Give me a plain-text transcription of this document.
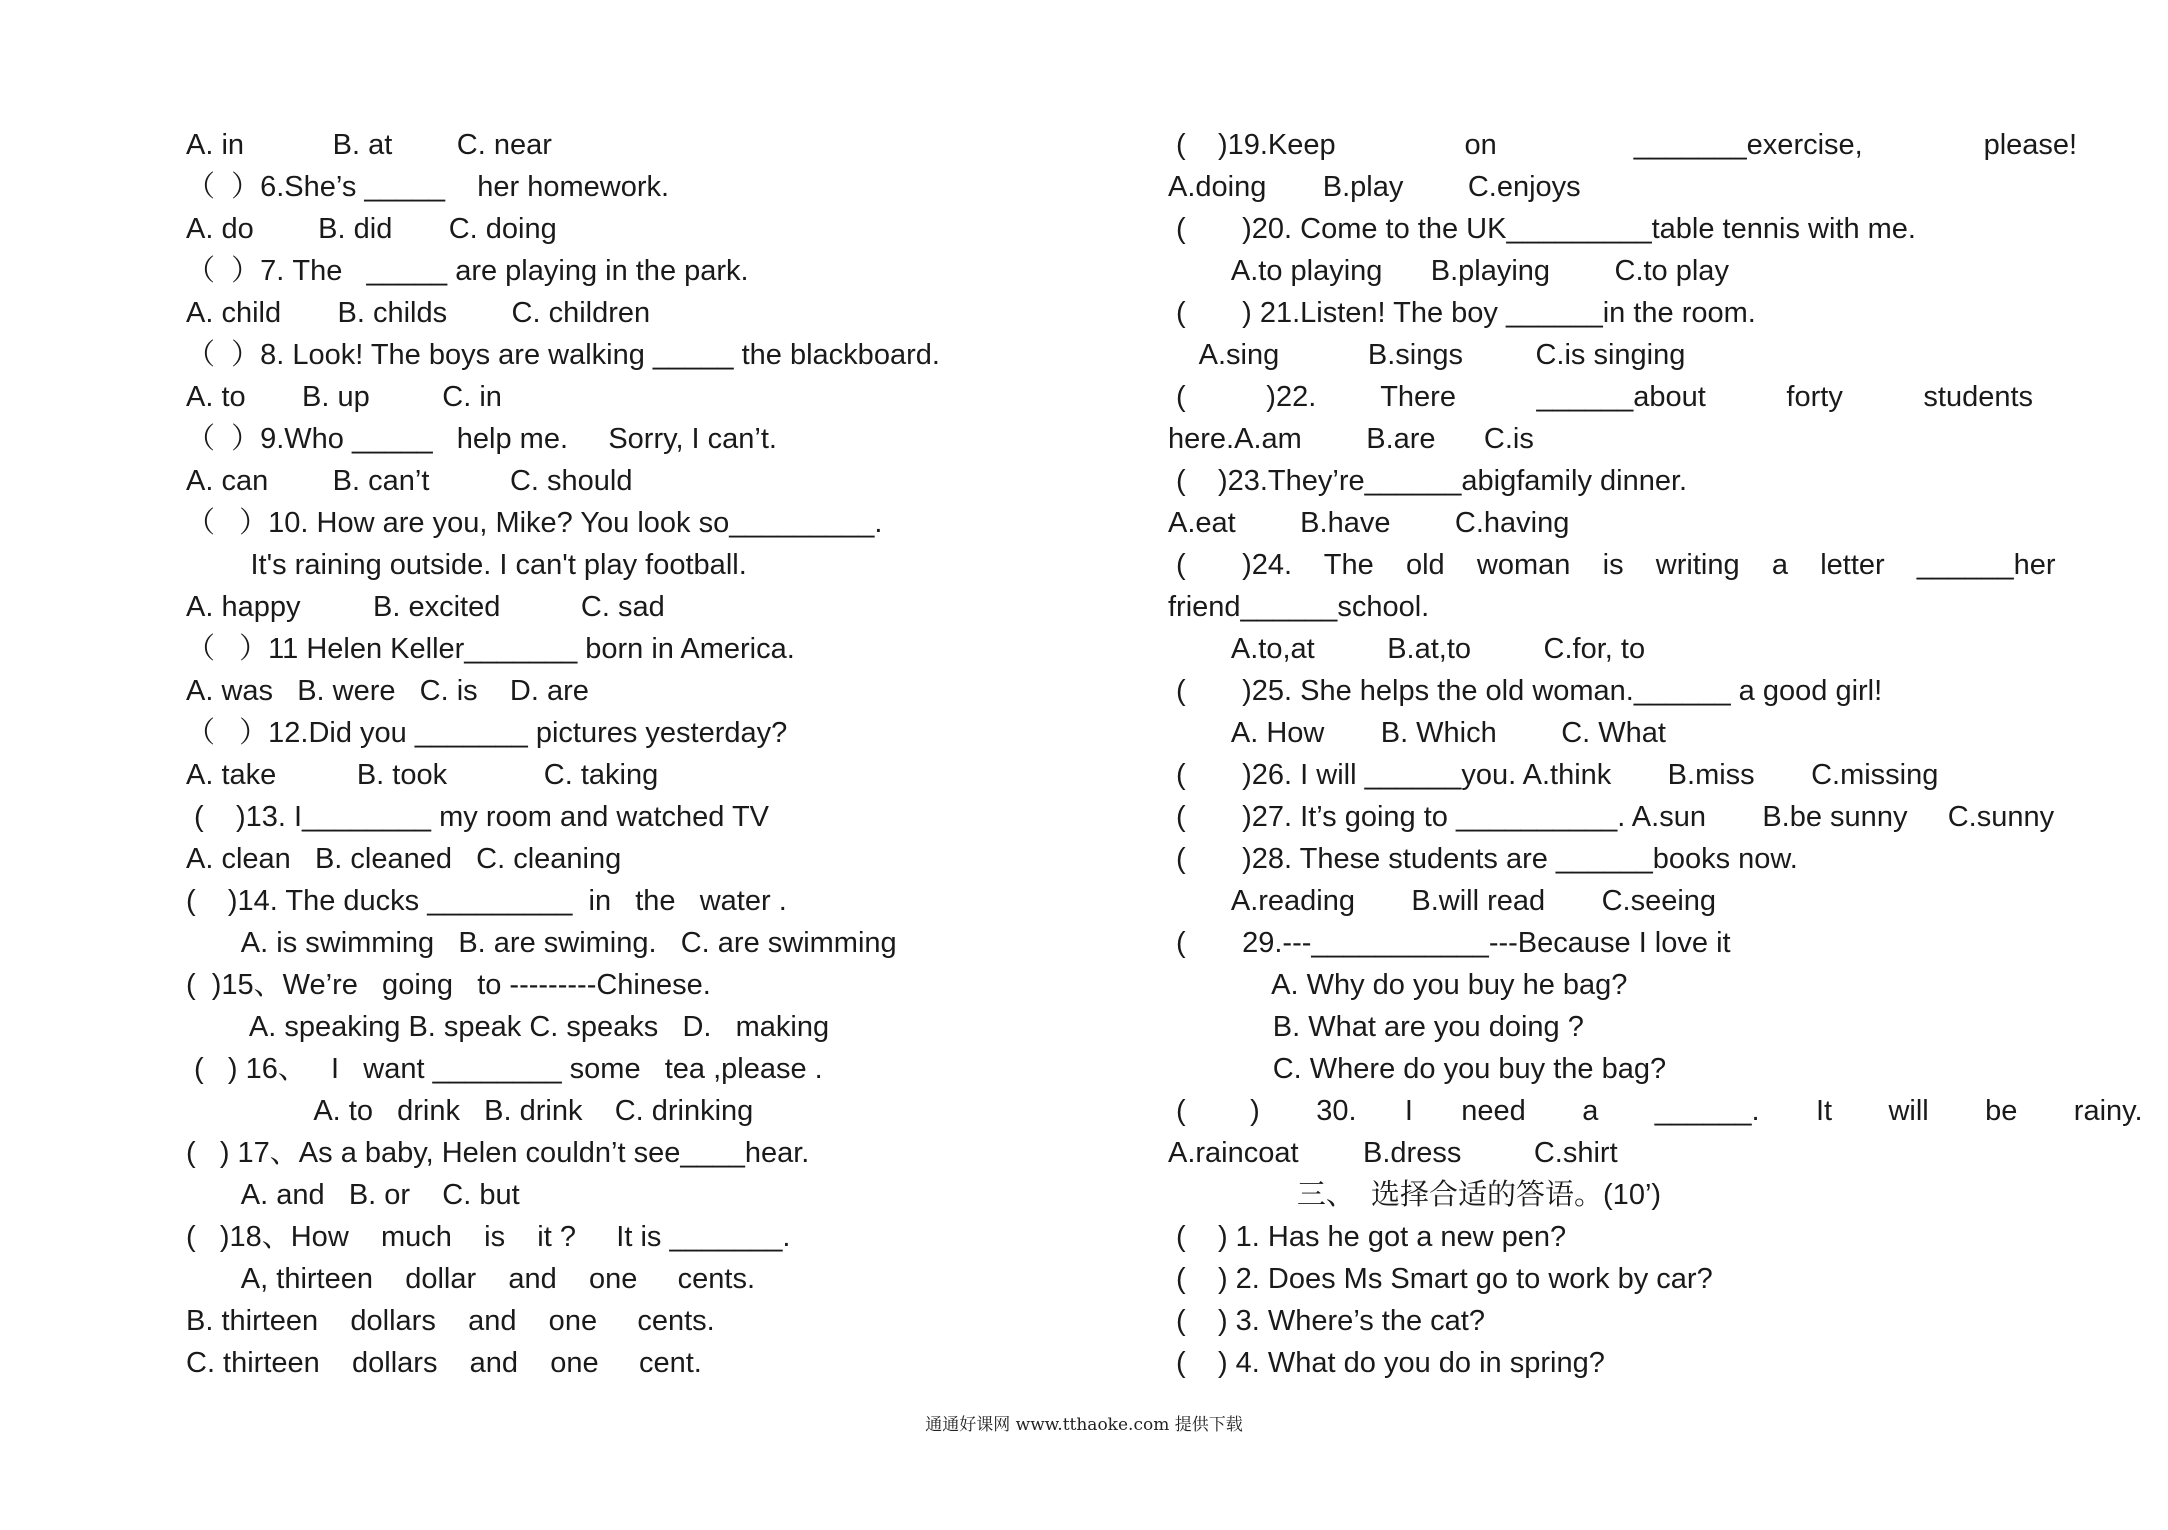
A. in           B. at        C. near
（  ）6.She’s _____    her homework.
A. do        B. did       C. doing
（  ）7. The   _____ are playing in the park.
A. child       B. childs        C. children
（  ）8. Look! The boys are walking _____ the blackboard.
A. to       B. up         C. in
（  ）9.Who _____   help me.     Sorry, I can’t.
A. can        B. can’t          C. should
（   ）10. How are you, Mike? You look so_________.
It's raining outside. I can't play football.
A. happy         B. excited          C. sad
（   ）11 Helen Keller_______ born in America.
A. was   B. were   C. is    D. are
（   ）12.Did you _______ pictures yesterday?
A. take          B. took            C. taking
(    )13. I________ my room and watched TV
A. clean   B. cleaned   C. cleaning
(    )14. The ducks _________  in   the   water .
A. is swimming   B. are swiming.   C. are swimming
(  )15、We’re   going   to ---------Chinese.
A. speaking B. speak C. speaks   D.   making
(   ) 16、   I   want ________ some   tea ,please .
A. to   drink   B. drink    C. drinking
(   ) 17、As a baby, Helen couldn’t see____hear.
A. and   B. or    C. but
(   )18、How    much    is    it ?     It is _______.
A, thirteen    dollar    and    one     cents.
B. thirteen    dollars    and    one     cents.
C. thirteen    dollars    and    one     cent.
(    )19.Keep                on                 _______exercise,               please!
A.doing       B.play        C.enjoys
(       )20. Come to the UK_________table tennis with me.
A.to playing      B.playing        C.to play
(       ) 21.Listen! The boy ______in the room.
A.sing           B.sings         C.is singing
(          )22.        There          ______about          forty          students
here.A.am        B.are      C.is
(    )23.They’re______abigfamily dinner.
A.eat        B.have        C.having
(       )24.    The    old    woman    is    writing    a    letter    ______her
friend______school.
A.to,at         B.at,to         C.for, to
(       )25. She helps the old woman.______ a good girl!
A. How       B. Which        C. What
(       )26. I will ______you. A.think       B.miss       C.missing
(       )27. It’s going to __________. A.sun       B.be sunny     C.sunny
(       )28. These students are ______books now.
A.reading       B.will read       C.seeing
(       29.---___________---Because I love it
A. Why do you buy he bag?
B. What are you doing ?
C. Where do you buy the bag?
(        )       30.      I      need       a       ______.       It       will       be       rainy.
A.raincoat        B.dress         C.shirt
三、  选择合适的答语。(10’)
(    ) 1. Has he got a new pen?
(    ) 2. Does Ms Smart go to work by car?
(    ) 3. Where’s the cat?
(    ) 4. What do you do in spring?
通通好课网 www.tthaoke.com 提供下载
